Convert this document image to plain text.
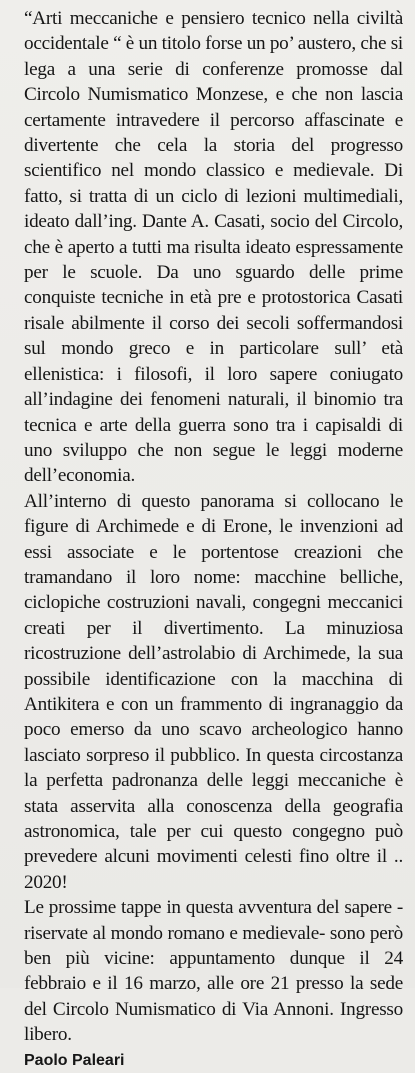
“Arti meccaniche e pensiero tecnico nella civiltà occidentale “ è un titolo forse un po’ austero, che si lega a una serie di conferenze promosse dal Circolo Numismatico Monzese, e che non lascia certamente intravedere il percorso affascinate e divertente che cela la storia del progresso scientifico nel mondo classico e medievale. Di fatto, si tratta di un ciclo di lezioni multimediali, ideato dall’ing. Dante A. Casati, socio del Circolo, che è aperto a tutti ma risulta ideato espressamente per le scuole. Da uno sguardo delle prime conquiste tecniche in età pre e protostorica Casati risale abilmente il corso dei secoli soffermandosi sul mondo greco e in particolare sull’ età ellenistica: i filosofi, il loro sapere coniugato all’indagine dei fenomeni naturali, il binomio tra tecnica e arte della guerra sono tra i capisaldi di uno sviluppo che non segue le leggi moderne dell’economia.

All’interno di questo panorama si collocano le figure di Archimede e di Erone, le invenzioni ad essi associate e le portentose creazioni che tramandano il loro nome: macchine belliche, ciclopiche costruzioni navali, congegni meccanici creati per il divertimento. La minuziosa ricostruzione dell’astrolabio di Archimede, la sua possibile identificazione con la macchina di Antikitera e con un frammento di ingranaggio da poco emerso da uno scavo archeologico hanno lasciato sorpreso il pubblico. In questa circostanza la perfetta padronanza delle leggi meccaniche è stata asservita alla conoscenza della geografia astronomica, tale per cui questo congegno può prevedere alcuni movimenti celesti fino oltre il .. 2020!

Le prossime tappe in questa avventura del sapere -riservate al mondo romano e medievale- sono però ben più vicine: appuntamento dunque il 24 febbraio e il 16 marzo, alle ore 21 presso la sede del Circolo Numismatico di Via Annoni. Ingresso libero.

Paolo Paleari
